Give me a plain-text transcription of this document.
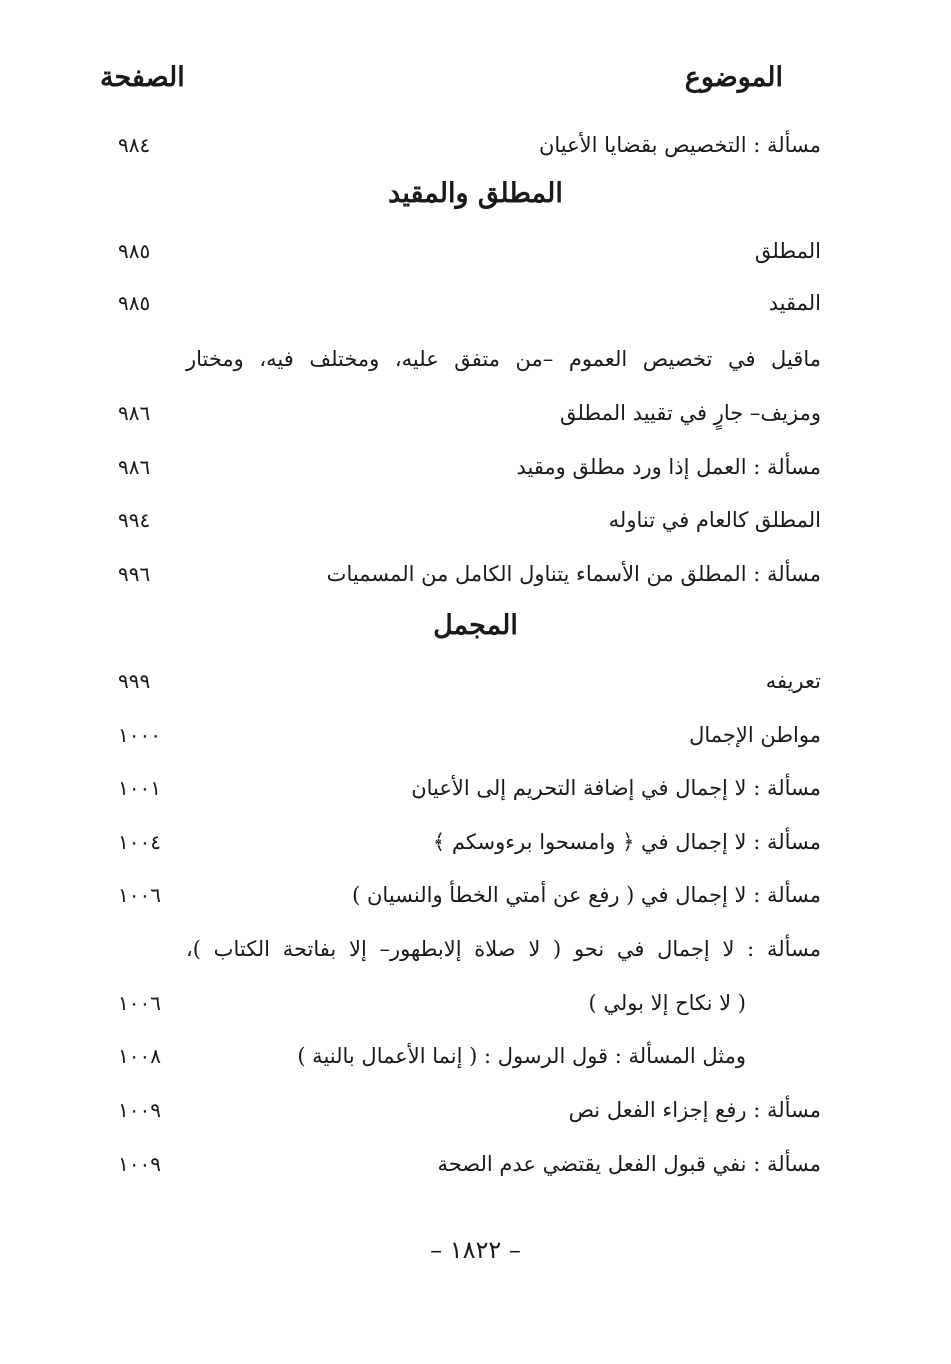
الموضوع
الصفحة
مسألة : التخصيص بقضايا الأعيان
٩٨٤
المطلق والمقيد
المطلق
٩٨٥
المقيد
٩٨٥
ماقيل في تخصيص العموم –من متفق عليه، ومختلف فيه، ومختار
ومزيف– جارٍ في تقييد المطلق
٩٨٦
مسألة : العمل إذا ورد مطلق ومقيد
٩٨٦
المطلق كالعام في تناوله
٩٩٤
مسألة : المطلق من الأسماء يتناول الكامل من المسميات
٩٩٦
المجمل
تعريفه
٩٩٩
مواطن الإجمال
١٠٠٠
مسألة : لا إجمال في إضافة التحريم إلى الأعيان
١٠٠١
مسألة : لا إجمال في ﴿ وامسحوا برءوسكم ﴾
١٠٠٤
مسألة : لا إجمال في ( رفع عن أمتي الخطأ والنسيان )
١٠٠٦
مسألة : لا إجمال في نحو ( لا صلاة إلابطهور– إلا بفاتحة الكتاب )،
( لا نكاح إلا بولي )
١٠٠٦
ومثل المسألة : قول الرسول : ( إنما الأعمال بالنية )
١٠٠٨
مسألة : رفع إجزاء الفعل نص
١٠٠٩
مسألة : نفي قبول الفعل يقتضي عدم الصحة
١٠٠٩
– ١٨٢٢ –
